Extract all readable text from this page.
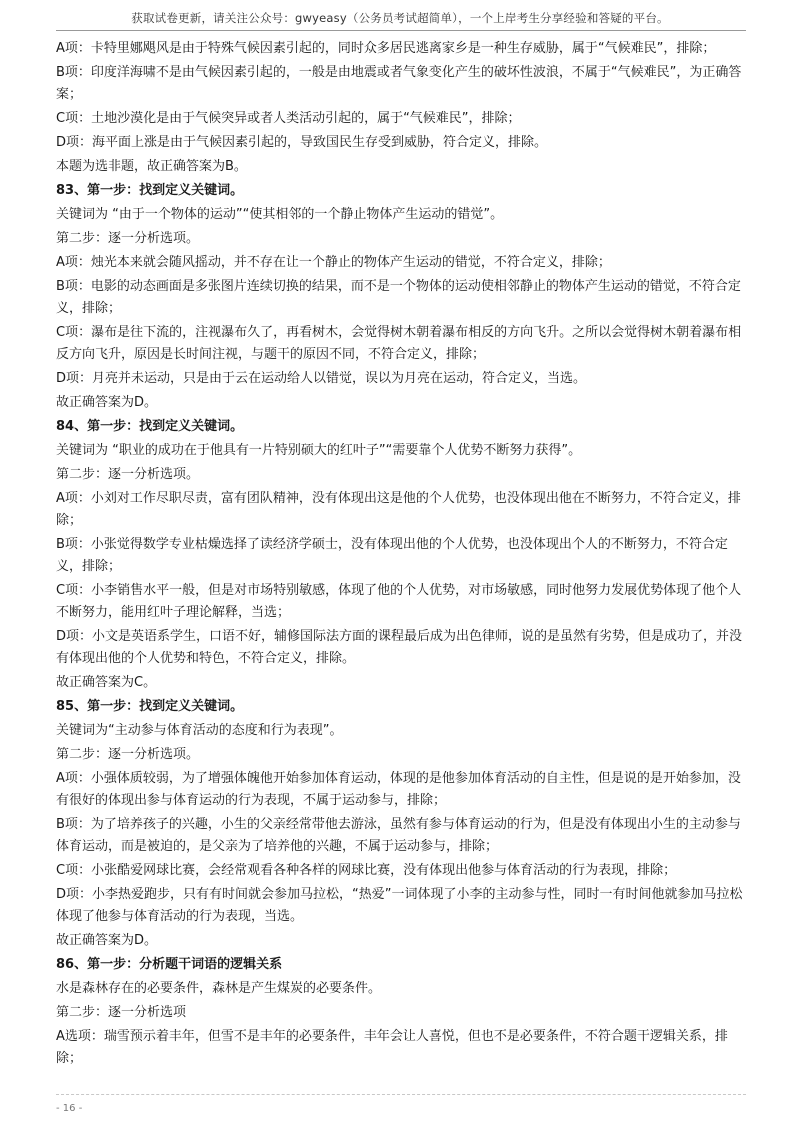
获取试卷更新，请关注公众号：gwyeasy（公务员考试超简单），一个上岸考生分享经验和答疑的平台。

A项：卡特里娜飓风是由于特殊气候因素引起的，同时众多居民逃离家乡是一种生存威胁，属于“气候难民”，排除；

B项：印度洋海啸不是由气候因素引起的，一般是由地震或者气象变化产生的破坏性波浪，不属于“气候难民”，为正确答案；

C项：土地沙漠化是由于气候突异或者人类活动引起的，属于“气候难民”，排除；

D项：海平面上涨是由于气候因素引起的，导致国民生存受到威胁，符合定义，排除。

本题为选非题，故正确答案为B。

83、第一步：找到定义关键词。

关键词为 “由于一个物体的运动”“使其相邻的一个静止物体产生运动的错觉”。

第二步：逐一分析选项。

A项：烛光本来就会随风摇动，并不存在让一个静止的物体产生运动的错觉，不符合定义，排除；

B项：电影的动态画面是多张图片连续切换的结果，而不是一个物体的运动使相邻静止的物体产生运动的错觉，不符合定义，排除；

C项：瀑布是往下流的，注视瀑布久了，再看树木，会觉得树木朝着瀑布相反的方向飞升。之所以会觉得树木朝着瀑布相反方向飞升，原因是长时间注视，与题干的原因不同，不符合定义，排除；

D项：月亮并未运动，只是由于云在运动给人以错觉，误以为月亮在运动，符合定义，当选。

故正确答案为D。

84、第一步：找到定义关键词。

关键词为 “职业的成功在于他具有一片特别硕大的红叶子”“需要靠个人优势不断努力获得”。

第二步：逐一分析选项。

A项：小刘对工作尽职尽责，富有团队精神，没有体现出这是他的个人优势，也没体现出他在不断努力，不符合定义，排除；

B项：小张觉得数学专业枯燥选择了读经济学硕士，没有体现出他的个人优势，也没体现出个人的不断努力，不符合定义，排除；

C项：小李销售水平一般，但是对市场特别敏感，体现了他的个人优势，对市场敏感，同时他努力发展优势体现了他个人不断努力，能用红叶子理论解释，当选；

D项：小文是英语系学生，口语不好，辅修国际法方面的课程最后成为出色律师，说的是虽然有劣势，但是成功了，并没有体现出他的个人优势和特色，不符合定义，排除。

故正确答案为C。

85、第一步：找到定义关键词。

关键词为“主动参与体育活动的态度和行为表现”。

第二步：逐一分析选项。

A项：小强体质较弱，为了增强体魄他开始参加体育运动，体现的是他参加体育活动的自主性，但是说的是开始参加，没有很好的体现出参与体育运动的行为表现，不属于运动参与，排除；

B项：为了培养孩子的兴趣，小生的父亲经常带他去游泳，虽然有参与体育运动的行为，但是没有体现出小生的主动参与体育运动，而是被迫的，是父亲为了培养他的兴趣，不属于运动参与，排除；

C项：小张酷爱网球比赛，会经常观看各种各样的网球比赛，没有体现出他参与体育活动的行为表现，排除；

D项：小李热爱跑步，只有有时间就会参加马拉松，“热爱”一词体现了小李的主动参与性，同时一有时间他就参加马拉松体现了他参与体育活动的行为表现，当选。

故正确答案为D。

86、第一步：分析题干词语的逻辑关系

水是森林存在的必要条件，森林是产生煤炭的必要条件。

第二步：逐一分析选项

A选项：瑞雪预示着丰年，但雪不是丰年的必要条件，丰年会让人喜悦，但也不是必要条件，不符合题干逻辑关系，排除；

- 16 -
